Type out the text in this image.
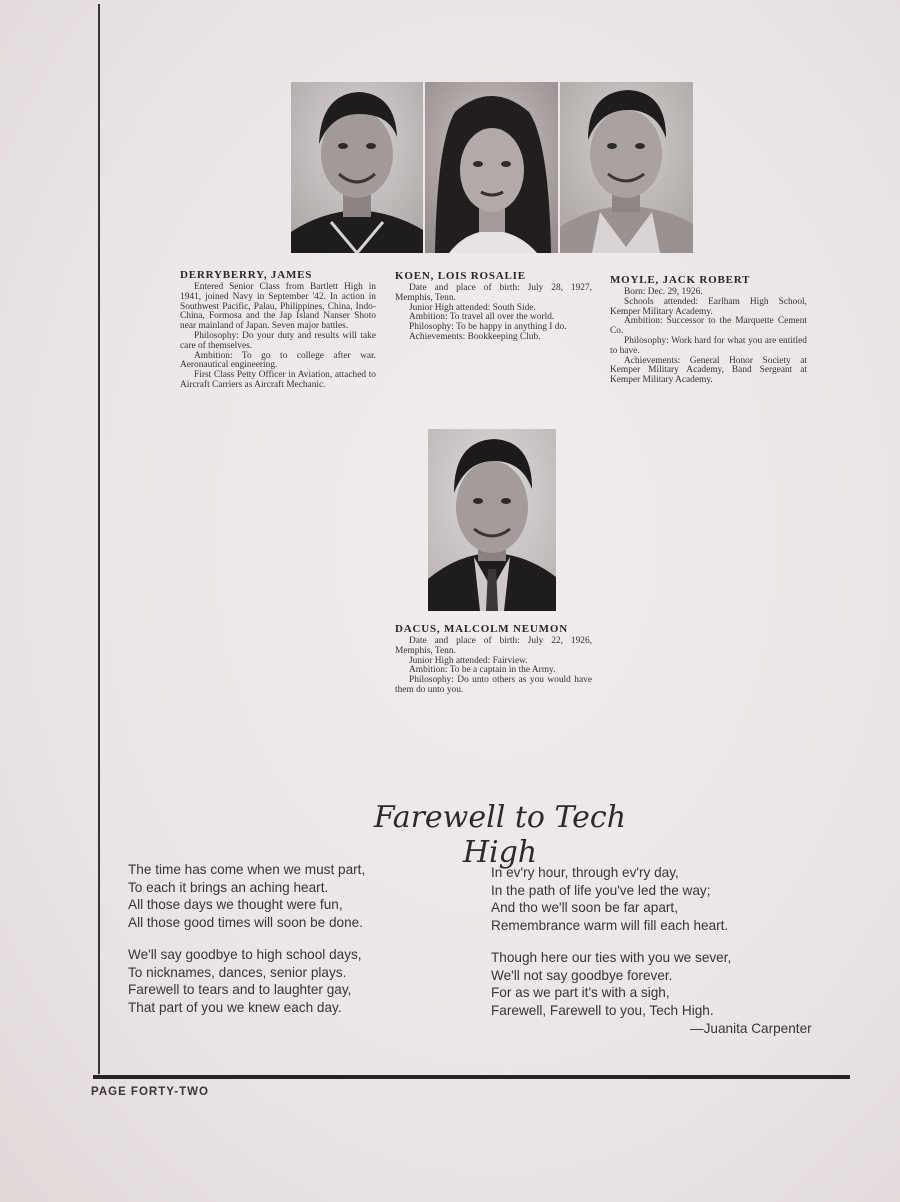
DERRYBERRY, JAMES

Entered Senior Class from Bartlett High in 1941, joined Navy in September '42. In action in Southwest Pacific, Palau, Philippines, China, Indo-China, Formosa and the Jap Island Nanser Shoto near mainland of Japan. Seven major battles.

Philosophy: Do your duty and results will take care of themselves.

Ambition: To go to college after war. Aeronautical engineering.

First Class Petty Officer in Aviation, attached to Aircraft Carriers as Aircraft Mechanic.

KOEN, LOIS ROSALIE

Date and place of birth: July 28, 1927, Memphis, Tenn.

Junior High attended: South Side.

Ambition: To travel all over the world.

Philosophy: To be happy in anything I do.

Achievements: Bookkeeping Club.

MOYLE, JACK ROBERT

Born: Dec. 29, 1926.

Schools attended: Earlham High School, Kemper Military Academy.

Ambition: Successor to the Marquette Cement Co.

Philosophy: Work hard for what you are entitled to have.

Achievements: General Honor Society at Kemper Military Academy, Band Sergeant at Kemper Military Academy.

DACUS, MALCOLM NEUMON

Date and place of birth: July 22, 1926, Memphis, Tenn.

Junior High attended: Fairview.

Ambition: To be a captain in the Army.

Philosophy: Do unto others as you would have them do unto you.

Farewell to Tech High
The time has come when we must part,
To each it brings an aching heart.
All those days we thought were fun,
All those good times will soon be done.
We'll say goodbye to high school days,
To nicknames, dances, senior plays.
Farewell to tears and to laughter gay,
That part of you we knew each day.
In ev'ry hour, through ev'ry day,
In the path of life you've led the way;
And tho we'll soon be far apart,
Remembrance warm will fill each heart.
Though here our ties with you we sever,
We'll not say goodbye forever.
For as we part it's with a sigh,
Farewell, Farewell to you, Tech High.
—Juanita Carpenter
PAGE FORTY-TWO
